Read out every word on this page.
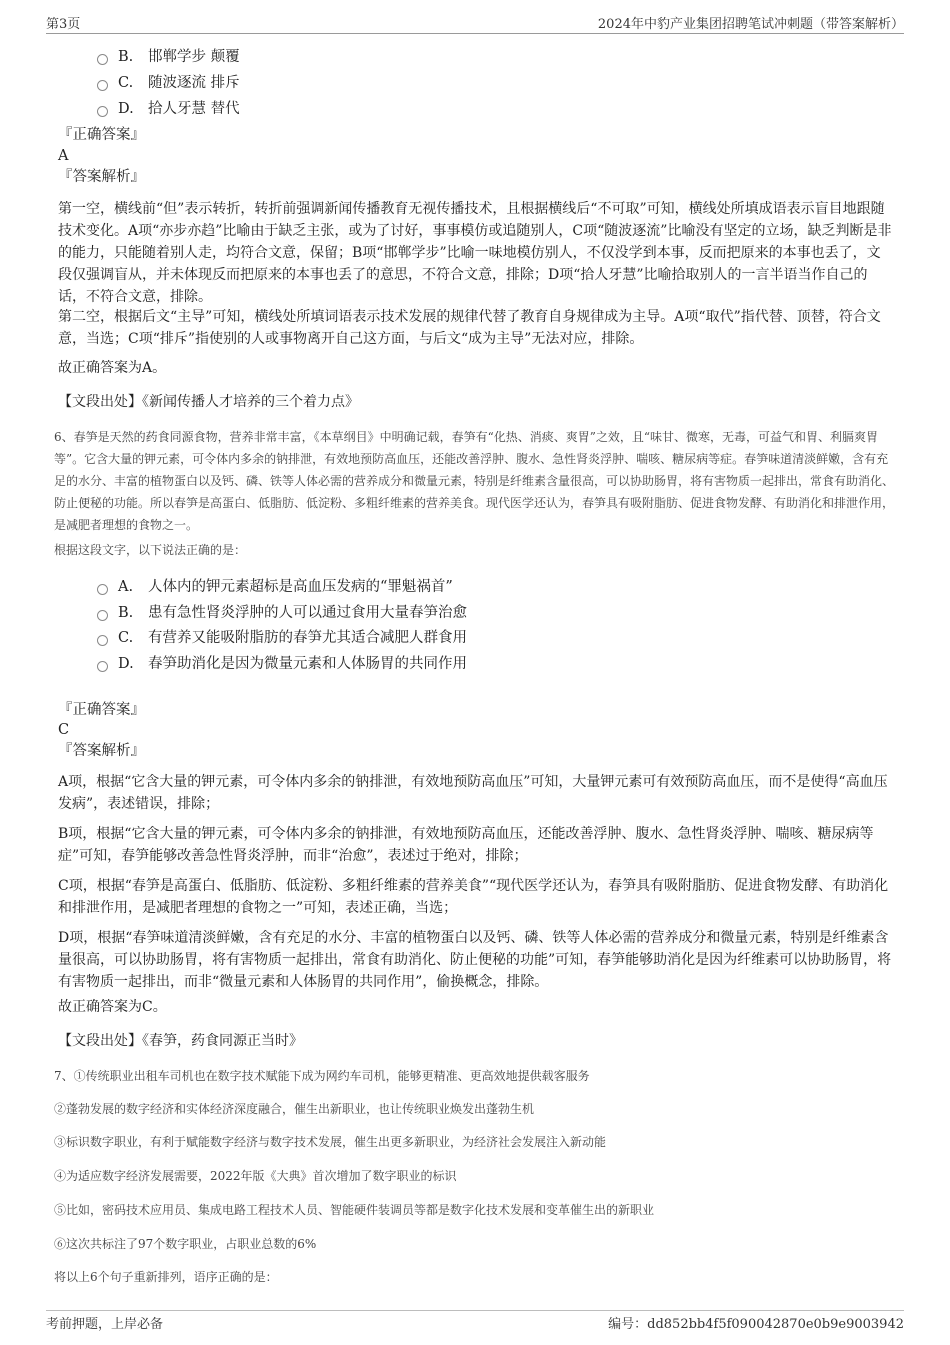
第3页	2024年中豹产业集团招聘笔试冲刺题（带答案解析）
B.	邯郸学步 颠覆
C.	随波逐流 排斥
D. 拾人牙慧 替代
『正确答案』
A
『答案解析』
第一空，横线前“但”表示转折，转折前强调新闻传播教育无视传播技术，且根据横线后“不可取”可知，横线处所填成语表示盲目地跟随技术变化。A项“亦步亦趋”比喻由于缺乏主张，或为了讨好，事事模仿或追随别人，C项“随波逐流”比喻没有坚定的立场，缺乏判断是非的能力，只能随着别人走，均符合文意，保留；B项“邯郸学步”比喻一味地模仿别人，不仅没学到本事，反而把原来的本事也丢了，文段仅强调盲从，并未体现反而把原来的本事也丢了的意思，不符合文意，排除；D项“拾人牙慧”比喻拾取别人的一言半语当作自己的话，不符合文意，排除。
第二空，根据后文“主导”可知，横线处所填词语表示技术发展的规律代替了教育自身规律成为主导。A项“取代”指代替、顶替，符合文意，当选；C项“排斥”指使别的人或事物离开自己这方面，与后文“成为主导”无法对应，排除。
故正确答案为A。
【文段出处】《新闻传播人才培养的三个着力点》
6、春笋是天然的药食同源食物，营养非常丰富，《本草纲目》中明确记载，春笋有“化热、消痰、爽胃”之效，且“味甘、微寒，无毒，可益气和胃、利膈爽胃等”。它含大量的钾元素，可令体内多余的钠排泄，有效地预防高血压，还能改善浮肿、腹水、急性肾炎浮肿、喘咳、糖尿病等症。春笋味道清淡鲜嫩，含有充足的水分、丰富的植物蛋白以及钙、磷、铁等人体必需的营养成分和微量元素，特别是纤维素含量很高，可以协助肠胃，将有害物质一起排出，常食有助消化、防止便秘的功能。所以春笋是高蛋白、低脂肪、低淀粉、多粗纤维素的营养美食。现代医学还认为，春笋具有吸附脂肪、促进食物发酵、有助消化和排泄作用，是减肥者理想的食物之一。
根据这段文字，以下说法正确的是：
A.	人体内的钾元素超标是高血压发病的“罪魁祸首”
B.	患有急性肾炎浮肿的人可以通过食用大量春笋治愈
C.	有营养又能吸附脂肪的春笋尤其适合减肥人群食用
D. 春笋助消化是因为微量元素和人体肠胃的共同作用
『正确答案』
C
『答案解析』
A项，根据“它含大量的钾元素，可令体内多余的钠排泄，有效地预防高血压”可知，大量钾元素可有效预防高血压，而不是使得“高血压发病”，表述错误，排除；
B项，根据“它含大量的钾元素，可令体内多余的钠排泄，有效地预防高血压，还能改善浮肿、腹水、急性肾炎浮肿、喘咳、糖尿病等症”可知，春笋能够改善急性肾炎浮肿，而非“治愈”，表述过于绝对，排除；
C项，根据“春笋是高蛋白、低脂肪、低淀粉、多粗纤维素的营养美食”“现代医学还认为，春笋具有吸附脂肪、促进食物发酵、有助消化和排泄作用，是减肥者理想的食物之一”可知，表述正确，当选；
D项，根据“春笋味道清淡鲜嫩，含有充足的水分、丰富的植物蛋白以及钙、磷、铁等人体必需的营养成分和微量元素，特别是纤维素含量很高，可以协助肠胃，将有害物质一起排出，常食有助消化、防止便秘的功能”可知，春笋能够助消化是因为纤维素可以协助肠胃，将有害物质一起排出，而非“微量元素和人体肠胃的共同作用”，偷换概念，排除。
故正确答案为C。
【文段出处】《春笋，药食同源正当时》
7、①传统职业出租车司机也在数字技术赋能下成为网约车司机，能够更精准、更高效地提供载客服务
②蓬勃发展的数字经济和实体经济深度融合，催生出新职业，也让传统职业焕发出蓬勃生机
③标识数字职业，有利于赋能数字经济与数字技术发展，催生出更多新职业，为经济社会发展注入新动能
④为适应数字经济发展需要，2022年版《大典》首次增加了数字职业的标识
⑤比如，密码技术应用员、集成电路工程技术人员、智能硬件装调员等都是数字化技术发展和变革催生出的新职业
⑥这次共标注了97个数字职业，占职业总数的6%
将以上6个句子重新排列，语序正确的是：
考前押题，上岸必备	编号：dd852bb4f5f090042870e0b9e9003942
